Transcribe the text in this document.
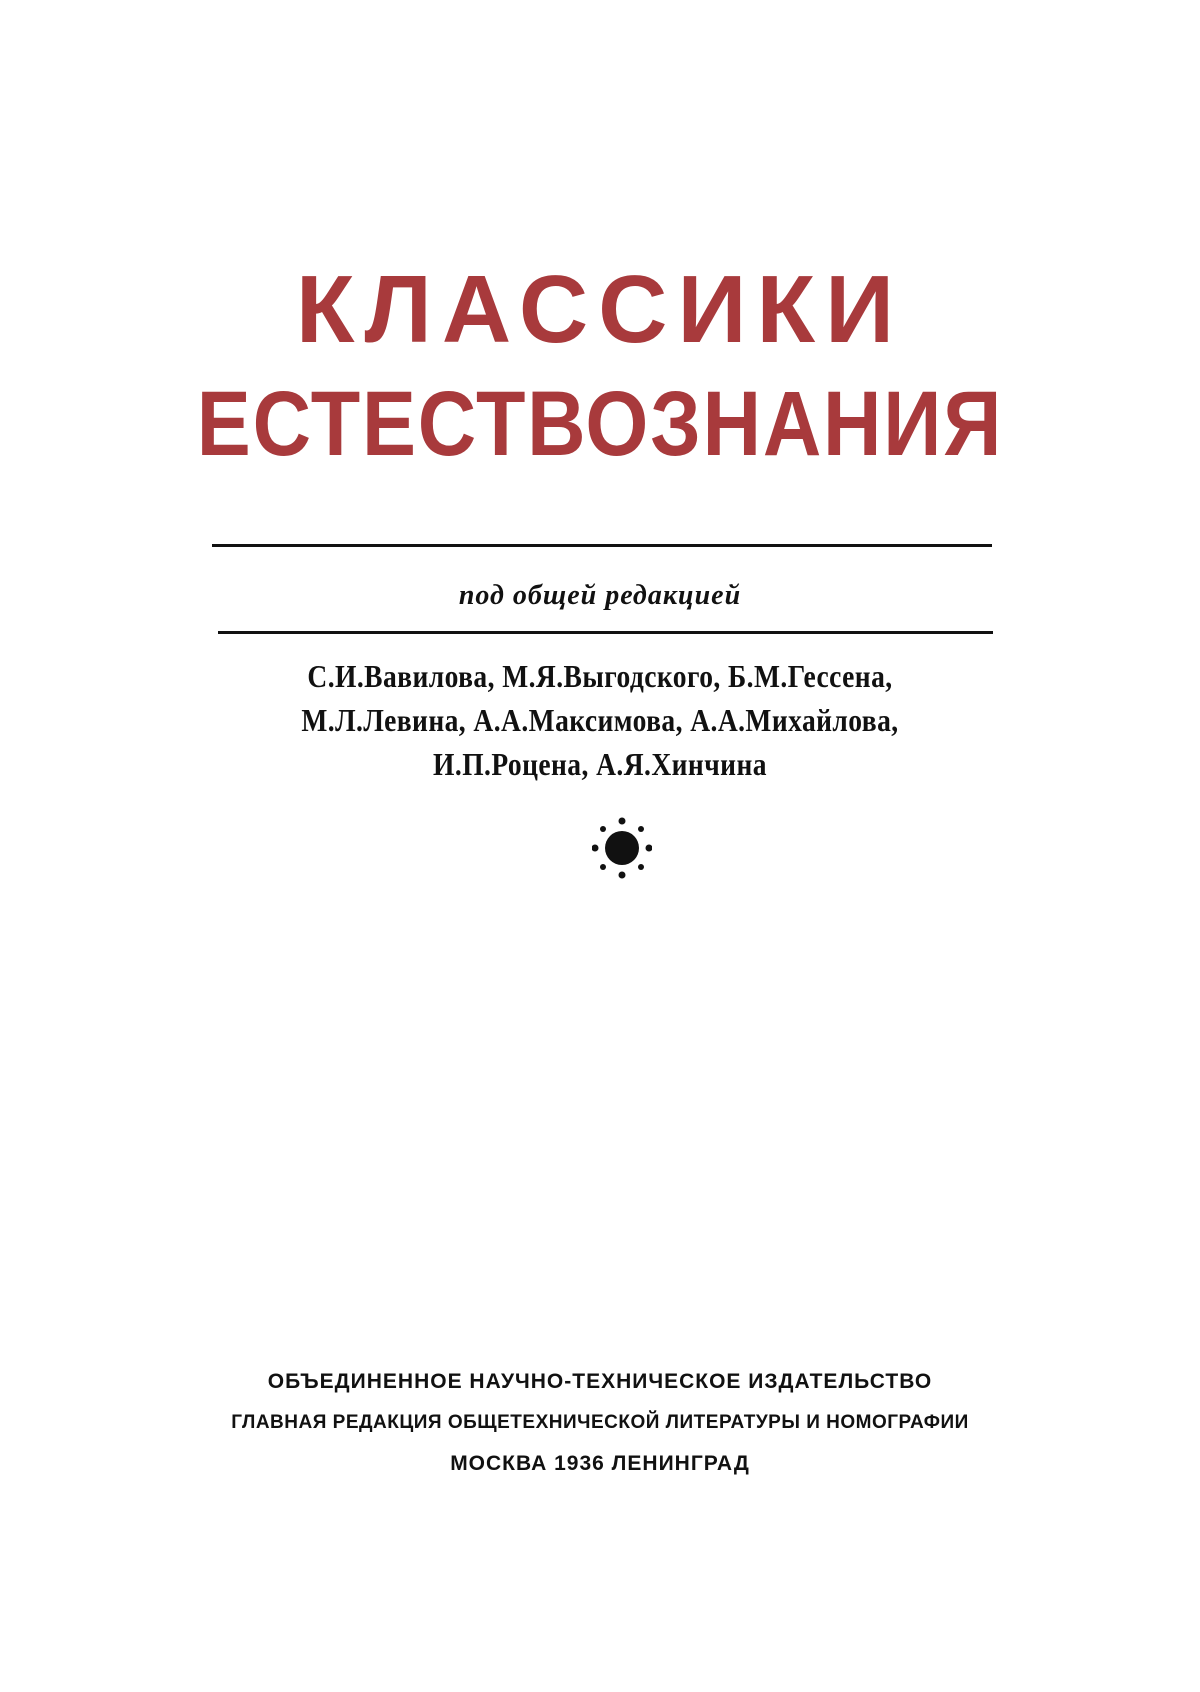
КЛАССИКИ
ЕСТЕСТВОЗНАНИЯ
под общей редакцией
С.И.Вавилова, М.Я.Выгодского, Б.М.Гессена,
М.Л.Левина, А.А.Максимова, А.А.Михайлова,
И.П.Роцена, А.Я.Хинчина
ОБЪЕДИНЕННОЕ НАУЧНО-ТЕХНИЧЕСКОЕ ИЗДАТЕЛЬСТВО
ГЛАВНАЯ РЕДАКЦИЯ ОБЩЕТЕХНИЧЕСКОЙ ЛИТЕРАТУРЫ И НОМОГРАФИИ
МОСКВА 1936 ЛЕНИНГРАД
